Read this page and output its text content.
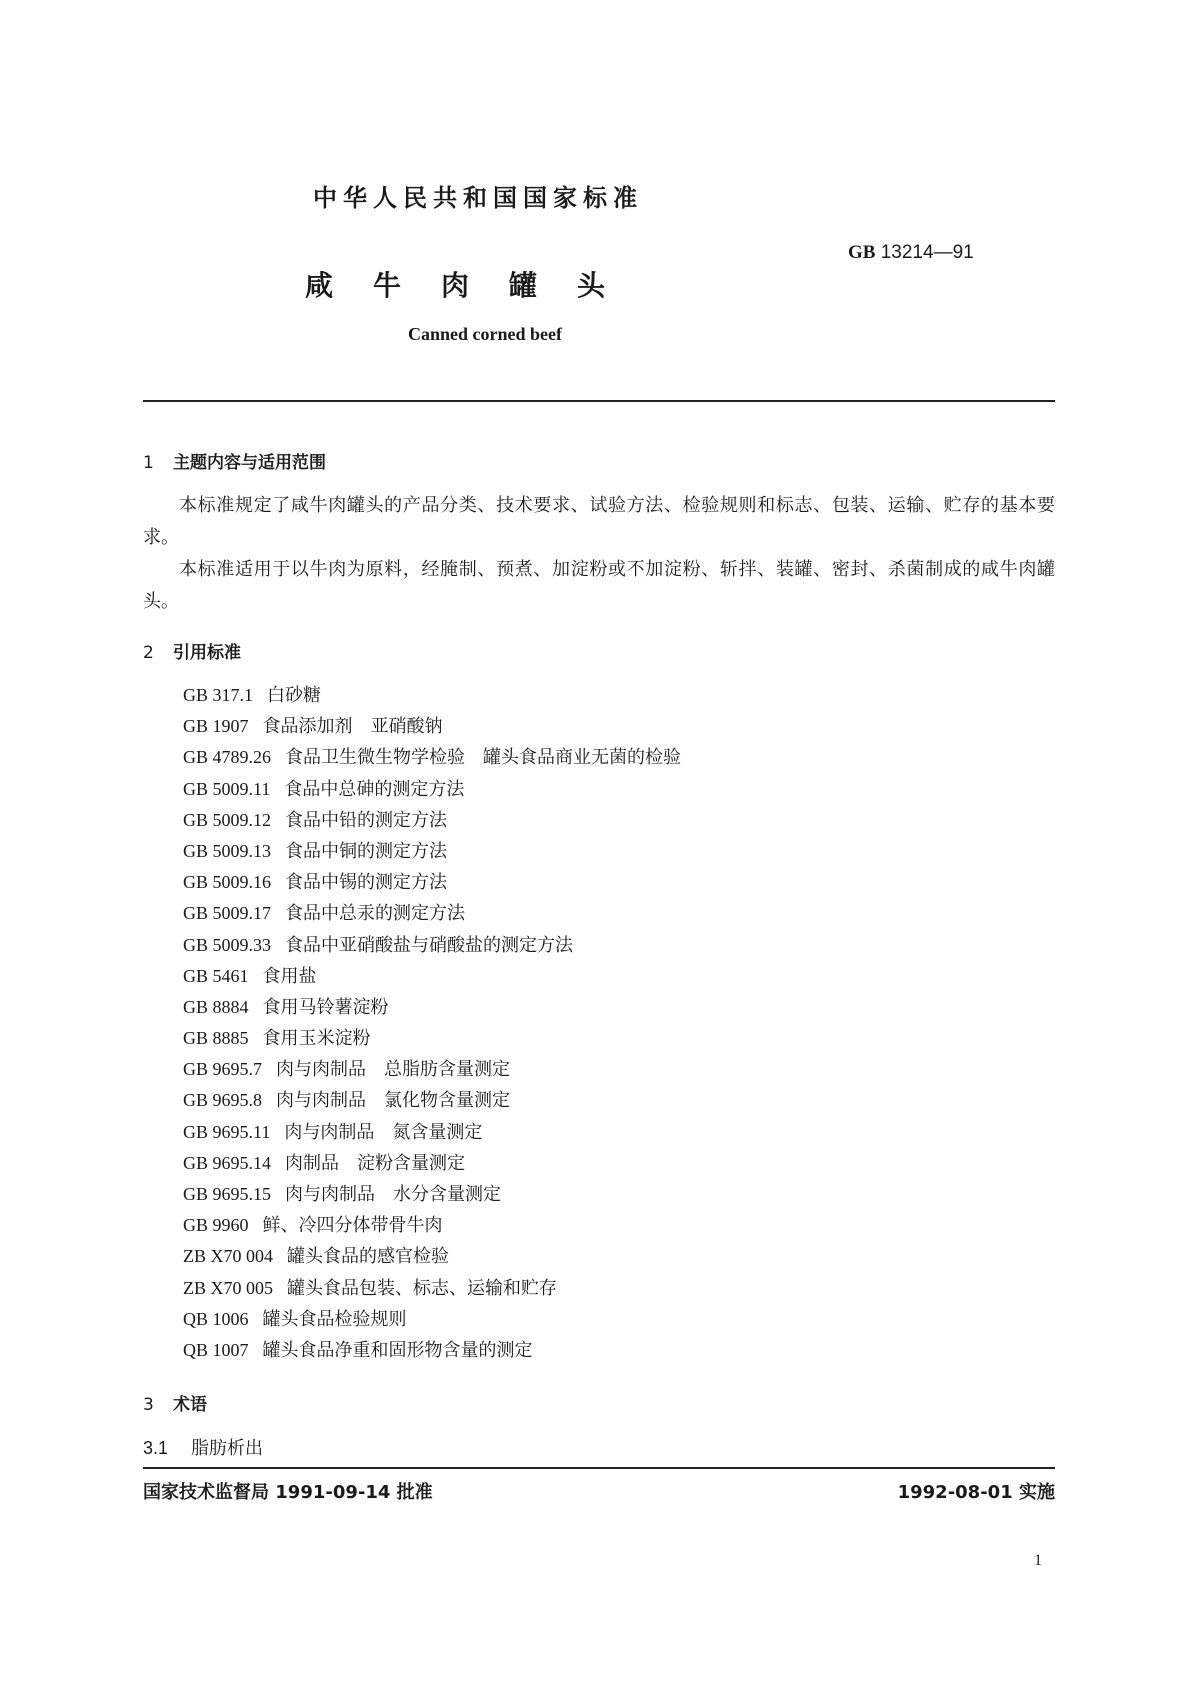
中华人民共和国国家标准
GB 13214—91
咸牛肉罐头
Canned corned beef
1 主题内容与适用范围

本标准规定了咸牛肉罐头的产品分类、技术要求、试验方法、检验规则和标志、包装、运输、贮存的基本要求。

本标准适用于以牛肉为原料，经腌制、预煮、加淀粉或不加淀粉、斩拌、装罐、密封、杀菌制成的咸牛肉罐头。

2 引用标准
GB 317.1 白砂糖
GB 1907 食品添加剂　亚硝酸钠
GB 4789.26 食品卫生微生物学检验　罐头食品商业无菌的检验
GB 5009.11 食品中总砷的测定方法
GB 5009.12 食品中铅的测定方法
GB 5009.13 食品中铜的测定方法
GB 5009.16 食品中锡的测定方法
GB 5009.17 食品中总汞的测定方法
GB 5009.33 食品中亚硝酸盐与硝酸盐的测定方法
GB 5461 食用盐
GB 8884 食用马铃薯淀粉
GB 8885 食用玉米淀粉
GB 9695.7 肉与肉制品　总脂肪含量测定
GB 9695.8 肉与肉制品　氯化物含量测定
GB 9695.11 肉与肉制品　氮含量测定
GB 9695.14 肉制品　淀粉含量测定
GB 9695.15 肉与肉制品　水分含量测定
GB 9960 鲜、冷四分体带骨牛肉
ZB X70 004 罐头食品的感官检验
ZB X70 005 罐头食品包装、标志、运输和贮存
QB 1006 罐头食品检验规则
QB 1007 罐头食品净重和固形物含量的测定
3 术语
3.1 脂肪析出
国家技术监督局 1991-09-14 批准	1992-08-01 实施
1
